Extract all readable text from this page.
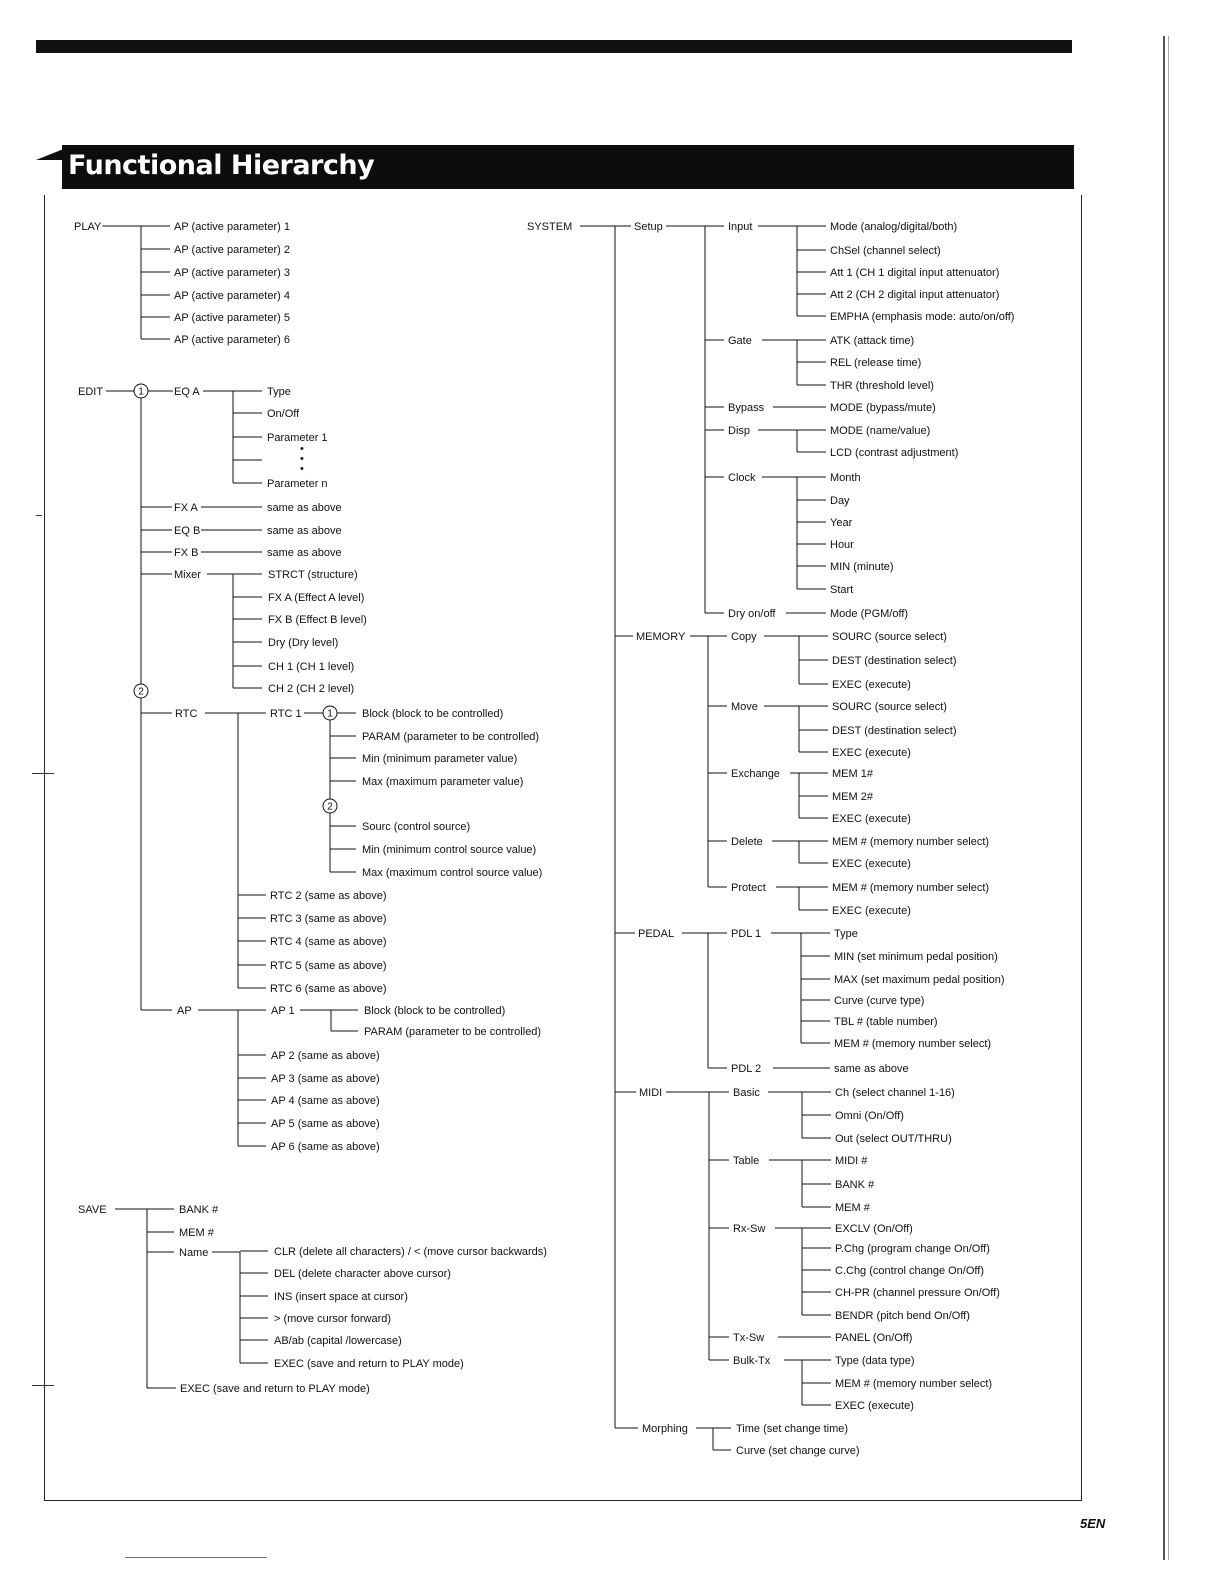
Functional Hierarchy
PLAY	AP (active parameter) 1
AP (active parameter) 2
AP (active parameter) 3
AP (active parameter) 4
AP (active parameter) 5
AP (active parameter) 6
EDIT	1
2
EQ A	Type
On/Off
Parameter 1
Parameter n
•
•
•
FX A	same as above
EQ B	same as above
FX B	same as above
Mixer	STRCT (structure)
FX A (Effect A level)
FX B (Effect B level)
Dry (Dry level)
CH 1 (CH 1 level)
CH 2 (CH 2 level)
RTC	RTC 1	1
2
Block (block to be controlled)
PARAM (parameter to be controlled)
Min (minimum parameter value)
Max (maximum parameter value)
Sourc (control source)
Min (minimum control source value)
Max (maximum control source value)
RTC 2 (same as above)
RTC 3 (same as above)
RTC 4 (same as above)
RTC 5 (same as above)
RTC 6 (same as above)
AP	AP 1	Block (block to be controlled)
PARAM (parameter to be controlled)
AP 2 (same as above)
AP 3 (same as above)
AP 4 (same as above)
AP 5 (same as above)
AP 6 (same as above)
SAVE	BANK #
MEM #
Name	CLR (delete all characters) / < (move cursor backwards)
DEL (delete character above cursor)
INS (insert space at cursor)
> (move cursor forward)
AB/ab (capital /lowercase)
EXEC (save and return to PLAY mode)
EXEC (save and return to PLAY mode)
SYSTEM	Setup	Input	Mode (analog/digital/both)
ChSel (channel select)
Att 1 (CH 1 digital input attenuator)
Att 2 (CH 2 digital input attenuator)
EMPHA (emphasis mode: auto/on/off)
Gate	ATK (attack time)
REL (release time)
THR (threshold level)
Bypass	MODE (bypass/mute)
Disp	MODE (name/value)
LCD (contrast adjustment)
Clock	Month
Day
Year
Hour
MIN (minute)
Start
Dry on/off	Mode (PGM/off)
MEMORY	Copy	SOURC (source select)
DEST (destination select)
EXEC (execute)
Move	SOURC (source select)
DEST (destination select)
EXEC (execute)
Exchange	MEM 1#
MEM 2#
EXEC (execute)
Delete	MEM # (memory number select)
EXEC (execute)
Protect	MEM # (memory number select)
EXEC (execute)
PEDAL	PDL 1	Type
MIN (set minimum pedal position)
MAX (set maximum pedal position)
Curve (curve type)
TBL # (table number)
MEM # (memory number select)
PDL 2	same as above
MIDI	Basic	Ch (select channel 1-16)
Omni (On/Off)
Out (select OUT/THRU)
Table	MIDI #
BANK #
MEM #
Rx-Sw	EXCLV (On/Off)
P.Chg (program change On/Off)
C.Chg (control change On/Off)
CH-PR (channel pressure On/Off)
BENDR (pitch bend On/Off)
Tx-Sw	PANEL (On/Off)
Bulk-Tx	Type (data type)
MEM # (memory number select)
EXEC (execute)
Morphing	Time (set change time)
Curve (set change curve)
5EN
